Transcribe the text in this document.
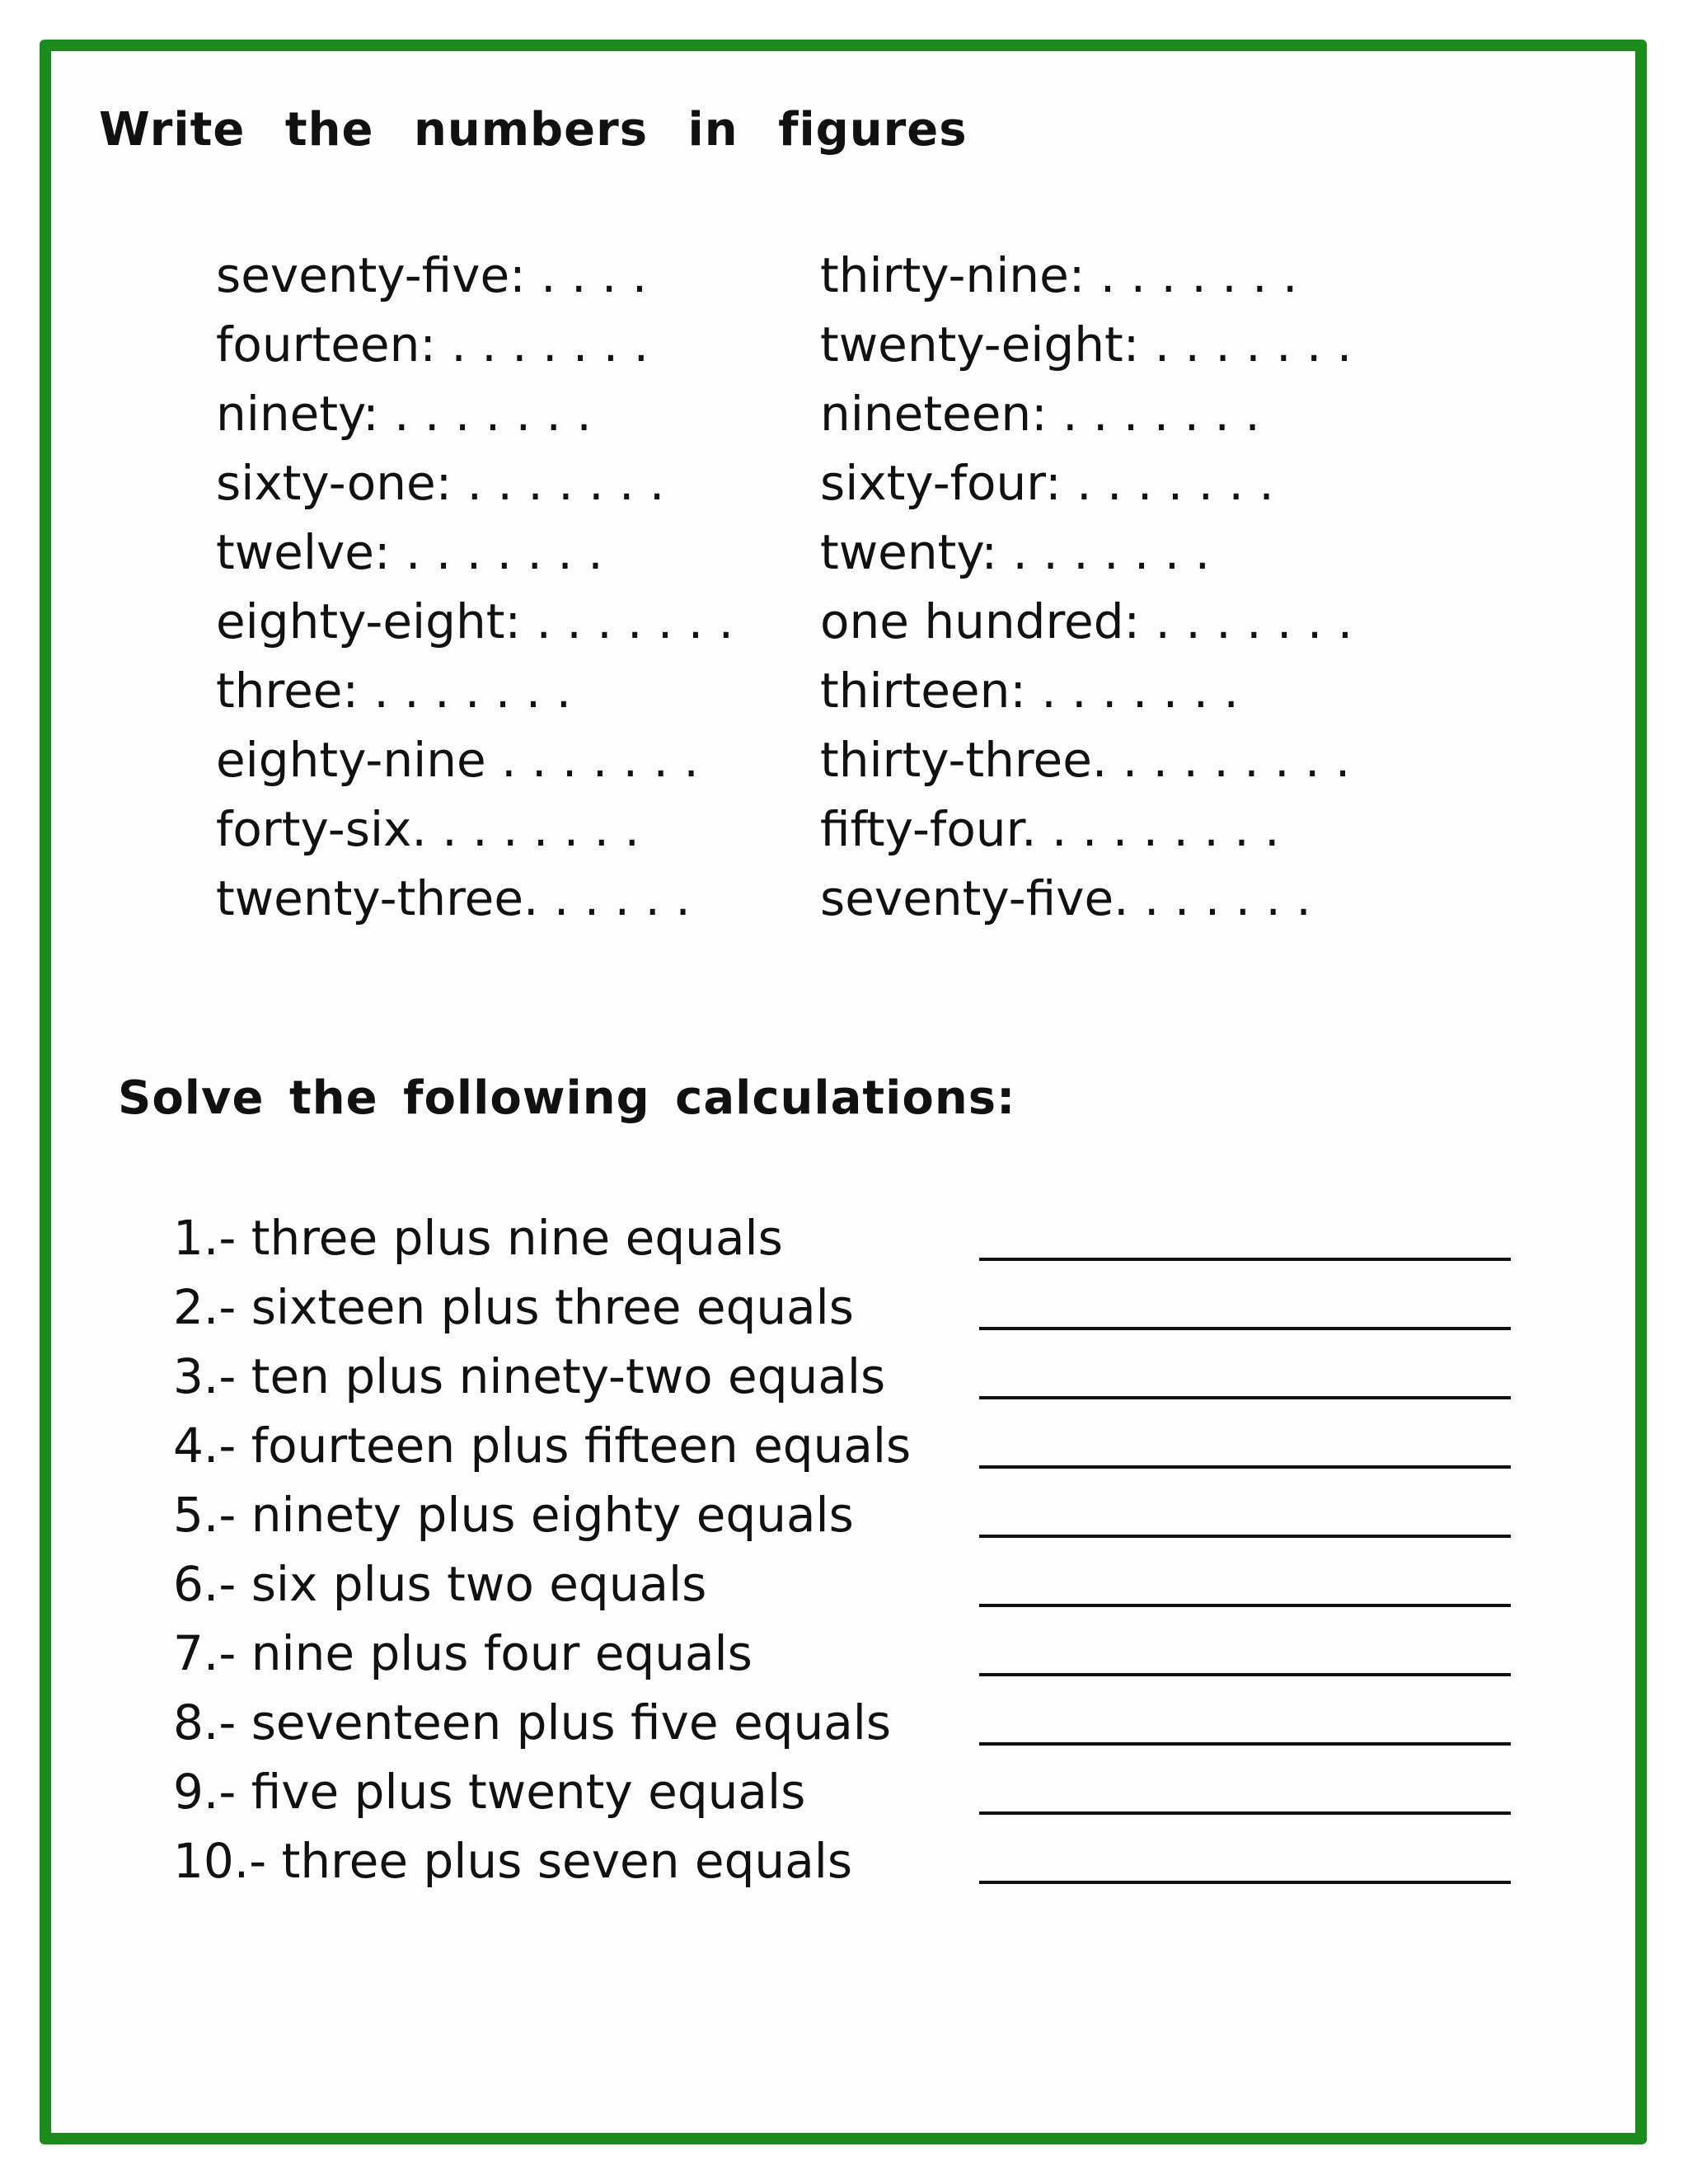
Write the numbers in figures
seventy-five: . . . .
fourteen: . . . . . . .
ninety: . . . . . . .
sixty-one: . . . . . . .
twelve: . . . . . . .
eighty-eight: . . . . . . .
three: . . . . . . .
eighty-nine . . . . . . .
forty-six. . . . . . . .
twenty-three. . . . . .
thirty-nine: . . . . . . .
twenty-eight: . . . . . . .
nineteen: . . . . . . .
sixty-four: . . . . . . .
twenty: . . . . . . .
one hundred: . . . . . . .
thirteen: . . . . . . .
thirty-three. . . . . . . . .
fifty-four. . . . . . . . .
seventy-five. . . . . . .
Solve the following calculations:
1.- three plus nine equals
2.- sixteen plus three equals
3.- ten plus ninety-two equals
4.- fourteen plus fifteen equals
5.- ninety plus eighty equals
6.- six plus two equals
7.- nine plus four equals
8.- seventeen plus five equals
9.- five plus twenty equals
10.- three plus seven equals
